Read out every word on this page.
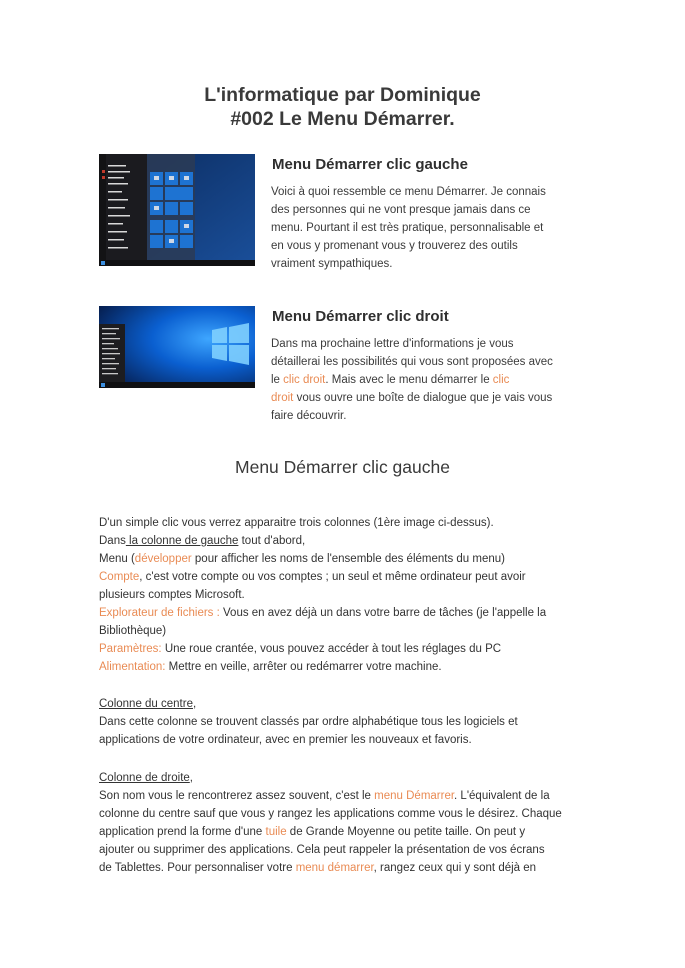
L'informatique par Dominique
#002 Le Menu Démarrer.
Menu Démarrer clic gauche
Voici à quoi ressemble ce menu Démarrer. Je connais
des personnes qui ne vont presque jamais dans ce
menu. Pourtant il est très pratique, personnalisable et
en vous y promenant vous y trouverez des outils
vraiment sympathiques.
Menu Démarrer clic droit
Dans ma prochaine lettre d'informations je vous
détaillerai les possibilités qui vous sont proposées avec
le clic droit. Mais avec le menu démarrer le clic
droit vous ouvre une boîte de dialogue que je vais vous
faire découvrir.
Menu Démarrer clic gauche
D'un simple clic vous verrez apparaitre trois colonnes (1ère image ci-dessus).
Dans la colonne de gauche tout d'abord,
Menu (développer pour afficher les noms de l'ensemble des éléments du menu)
Compte, c'est votre compte ou vos comptes ; un seul et même ordinateur peut avoir
plusieurs comptes Microsoft.
Explorateur de fichiers : Vous en avez déjà un dans votre barre de tâches (je l'appelle la
Bibliothèque)
Paramètres: Une roue crantée, vous pouvez accéder à tout les réglages du PC
Alimentation: Mettre en veille, arrêter ou redémarrer votre machine.
Colonne du centre,
Dans cette colonne se trouvent classés par ordre alphabétique tous les logiciels et
applications de votre ordinateur, avec en premier les nouveaux et favoris.
Colonne de droite,
Son nom vous le rencontrerez assez souvent, c'est le menu Démarrer. L'équivalent de la
colonne du centre sauf que vous y rangez les applications comme vous le désirez. Chaque
application prend la forme d'une tuile de Grande Moyenne ou petite taille. On peut y
ajouter ou supprimer des applications. Cela peut rappeler la présentation de vos écrans
de Tablettes. Pour personnaliser votre menu démarrer, rangez ceux qui y sont déjà en
